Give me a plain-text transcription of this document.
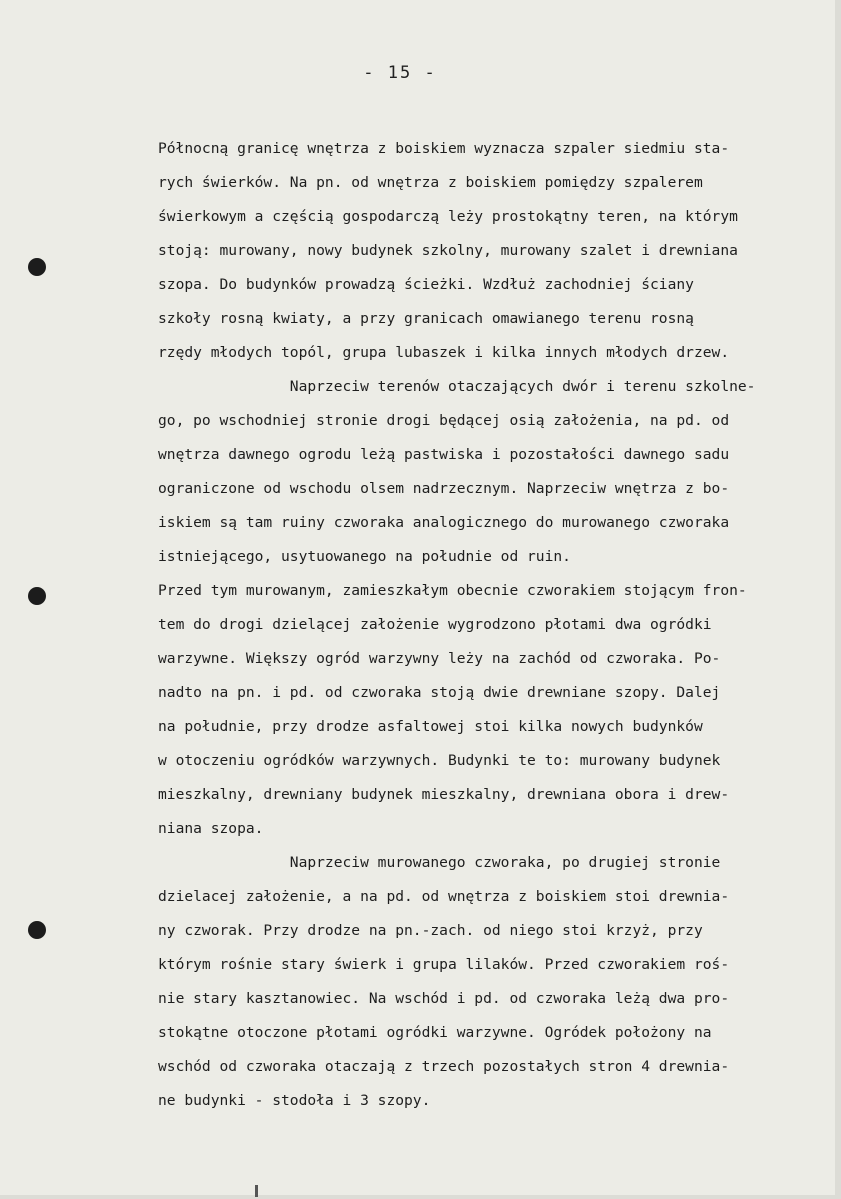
- 15 -
Północną granicę wnętrza z boiskiem wyznacza szpaler siedmiu sta-
rych świerków. Na pn. od wnętrza z boiskiem pomiędzy szpalerem
świerkowym a częścią gospodarczą leży prostokątny teren, na którym
stoją: murowany, nowy budynek szkolny, murowany szalet i drewniana
szopa. Do budynków prowadzą ścieżki. Wzdłuż zachodniej ściany
szkoły rosną kwiaty, a przy granicach omawianego terenu rosną
rzędy młodych topól, grupa lubaszek i kilka innych młodych drzew.
Naprzeciw terenów otaczających dwór i terenu szkolne-
go, po wschodniej stronie drogi będącej osią założenia, na pd. od
wnętrza dawnego ogrodu leżą pastwiska i pozostałości dawnego sadu
ograniczone od wschodu olsem nadrzecznym. Naprzeciw wnętrza z bo-
iskiem są tam ruiny czworaka analogicznego do murowanego czworaka
istniejącego, usytuowanego na południe od ruin.
Przed tym murowanym, zamieszkałym obecnie czworakiem stojącym fron-
tem do drogi dzielącej założenie wygrodzono płotami dwa ogródki
warzywne. Większy ogród warzywny leży na zachód od czworaka. Po-
nadto na pn. i pd. od czworaka stoją dwie drewniane szopy. Dalej
na południe, przy drodze asfaltowej stoi kilka nowych budynków
w otoczeniu ogródków warzywnych. Budynki te to: murowany budynek
mieszkalny, drewniany budynek mieszkalny, drewniana obora i drew-
niana szopa.
Naprzeciw murowanego czworaka, po drugiej stronie
dzielacej założenie, a na pd. od wnętrza z boiskiem stoi drewnia-
ny czworak. Przy drodze na pn.-zach. od niego stoi krzyż, przy
którym rośnie stary świerk i grupa lilaków. Przed czworakiem roś-
nie stary kasztanowiec. Na wschód i pd. od czworaka leżą dwa pro-
stokątne otoczone płotami ogródki warzywne. Ogródek położony na
wschód od czworaka otaczają z trzech pozostałych stron 4 drewnia-
ne budynki - stodoła i 3 szopy.
